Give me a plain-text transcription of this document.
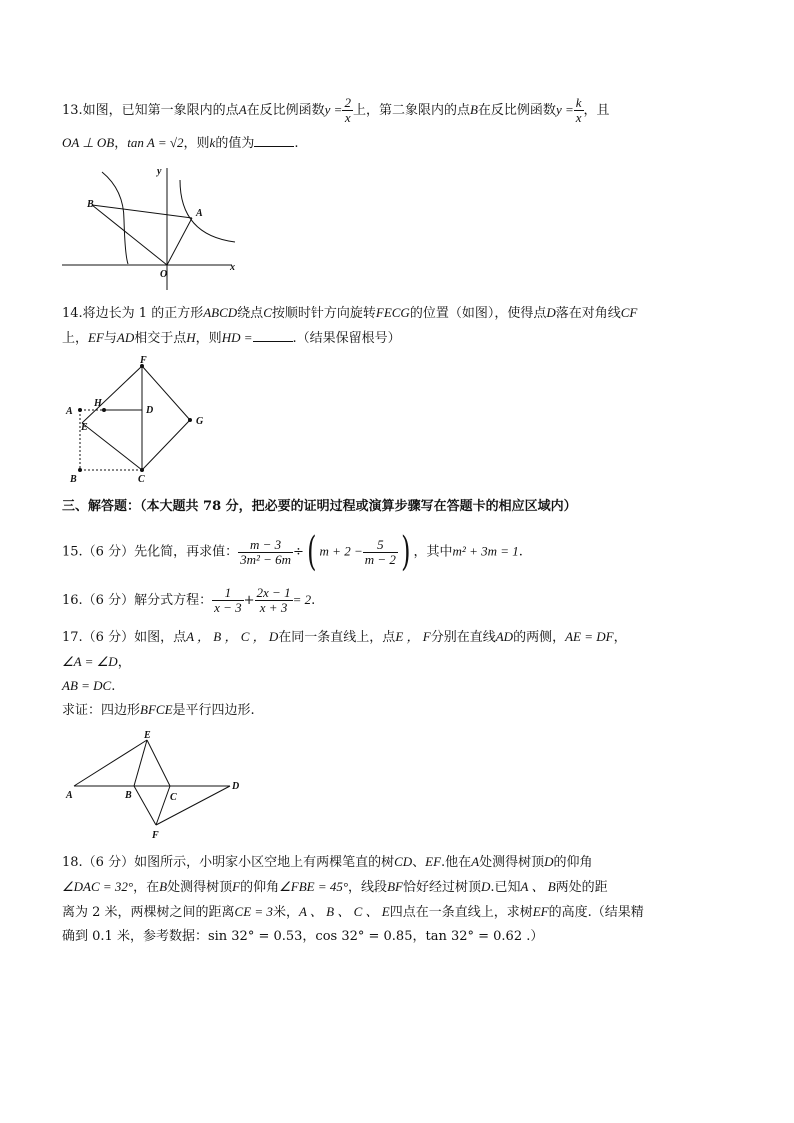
13.如图，已知第一象限内的点A在反比例函数$y = \frac{2}{x}$ 上，第二象限内的点B在反比例函数$y = \frac{k}{x}$ ，且
OA ⊥ OB，tan A = √2，则k的值为	.
B
A
O
x
y
14.将边长为 1 的正方形ABCD绕点C按顺时针方向旋转FECG的位置（如图），使得点D落在对角线CF
上，EF与AD相交于点H，则HD =	.（结果保留根号）
F
A
H
D
E
G
B	C
三、解答题：（本大题共 78 分，把必要的证明过程或演算步骤写在答题卡的相应区域内）
15.（6 分）先化简，再求值： $\frac{m - 3}{\text{3m² − 6m}}$ ÷( $m + 2 - \frac{5}{m - 2}$ ) ，其中m² + 3m = 1.
16.（6 分）解分式方程： $\frac{1}{x - 3} + \frac{2x - 1}{x + 3} = 2$.
17.（6 分）如图，点A ， B ， C ， D在同一条直线上，点E ， F分别在直线AD的两侧，AE = DF，
∠A = ∠D，
AB = DC.
求证：四边形BFCE是平行四边形.
E
A	B	C
D
F
18.（6 分）如图所示，小明家小区空地上有两棵笔直的树CD、EF.他在A处测得树顶D的仰角
∠DAC = 32°，在B处测得树顶F的仰角∠FBE = 45°，线段BF恰好经过树顶D.已知A 、 B两处的距
离为 2 米，两棵树之间的距离CE = 3米，A 、 B 、 C 、 E四点在一条直线上，求树EF的高度.（结果精
确到 0.1 米，参考数据：sin 32° = 0.53，cos 32° = 0.85，tan 32° = 0.62 .）
